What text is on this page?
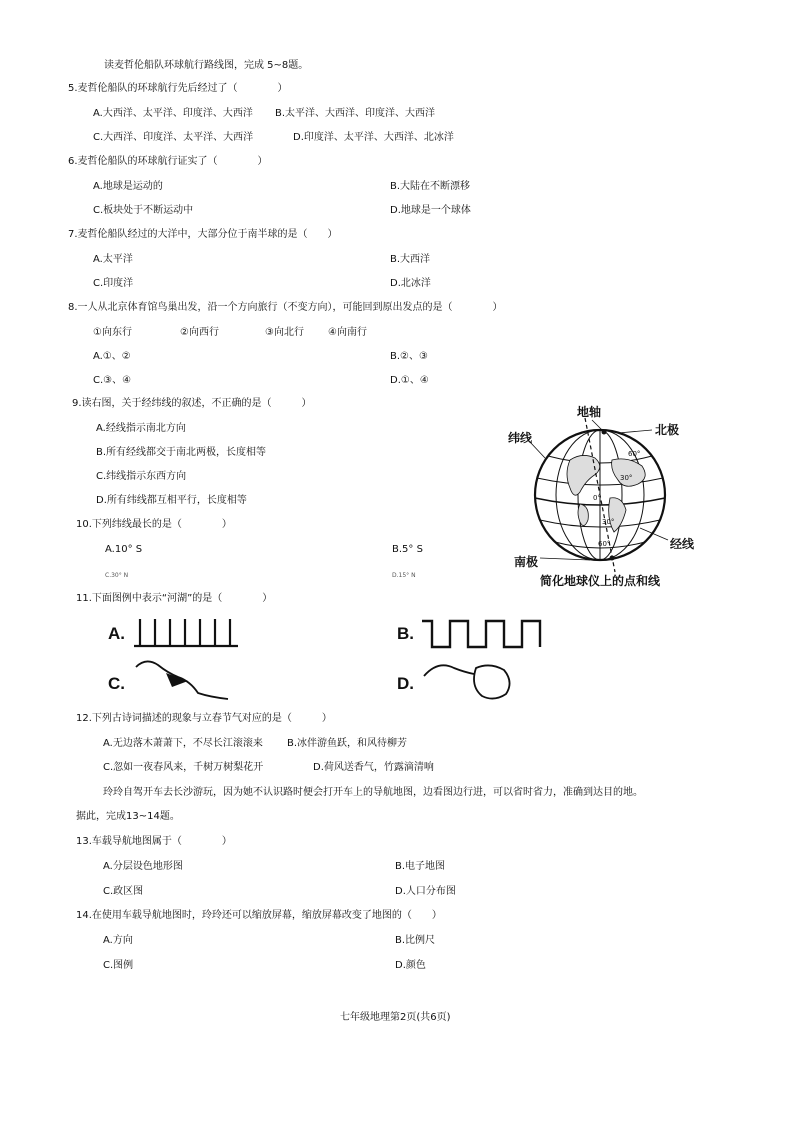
读麦哲伦船队环球航行路线图，完成 5~8题。
5.麦哲伦船队的环球航行先后经过了（　　　　）
A.大西洋、太平洋、印度洋、大西洋 B.太平洋、大西洋、印度洋、大西洋
C.大西洋、印度洋、太平洋、大西洋	D.印度洋、太平洋、大西洋、北冰洋
6.麦哲伦船队的环球航行证实了（　　　　）
A.地球是运动的	B.大陆在不断漂移
C.板块处于不断运动中	D.地球是一个球体
7.麦哲伦船队经过的大洋中，大部分位于南半球的是（　　）
A.太平洋	B.大西洋
C.印度洋	D.北冰洋
8.一人从北京体育馆鸟巢出发，沿一个方向旅行（不变方向），可能回到原出发点的是（　　　　）
①向东行	②向西行	③向北行 ④向南行
A.①、②	B.②、③
C.③、④	D.①、④
9.读右图，关于经纬线的叙述，不正确的是（　　　）
A.经线指示南北方向
B.所有经线都交于南北两极，长度相等
C.纬线指示东西方向
D.所有纬线都互相平行，长度相等
10.下列纬线最长的是（　　　　）
A.10° S	B.5° S
C.30° N	D.15° N
地轴
北极
纬线
经线
南极
简化地球仪上的点和线
60°
30°
0°
30°
60°
11.下面图例中表示“河湖”的是（　　　　）
A.	B.
C.	D.
12.下列古诗词描述的现象与立春节气对应的是（　　　）
A.无边落木萧萧下，不尽长江滚滚来 B.冰伴游鱼跃，和风待柳芳
C.忽如一夜春风来，千树万树梨花开	D.荷风送香气，竹露滴清响
玲玲自驾开车去长沙游玩，因为她不认识路时便会打开车上的导航地图，边看图边行进，可以省时省力，准确到达目的地。
据此，完成13~14题。
13.车载导航地图属于（　　　　）
A.分层设色地形图	B.电子地图
C.政区图	D.人口分布图
14.在使用车载导航地图时，玲玲还可以缩放屏幕，缩放屏幕改变了地图的（　　）
A.方向	B.比例尺
C.图例	D.颜色
七年级地理第2页(共6页)
